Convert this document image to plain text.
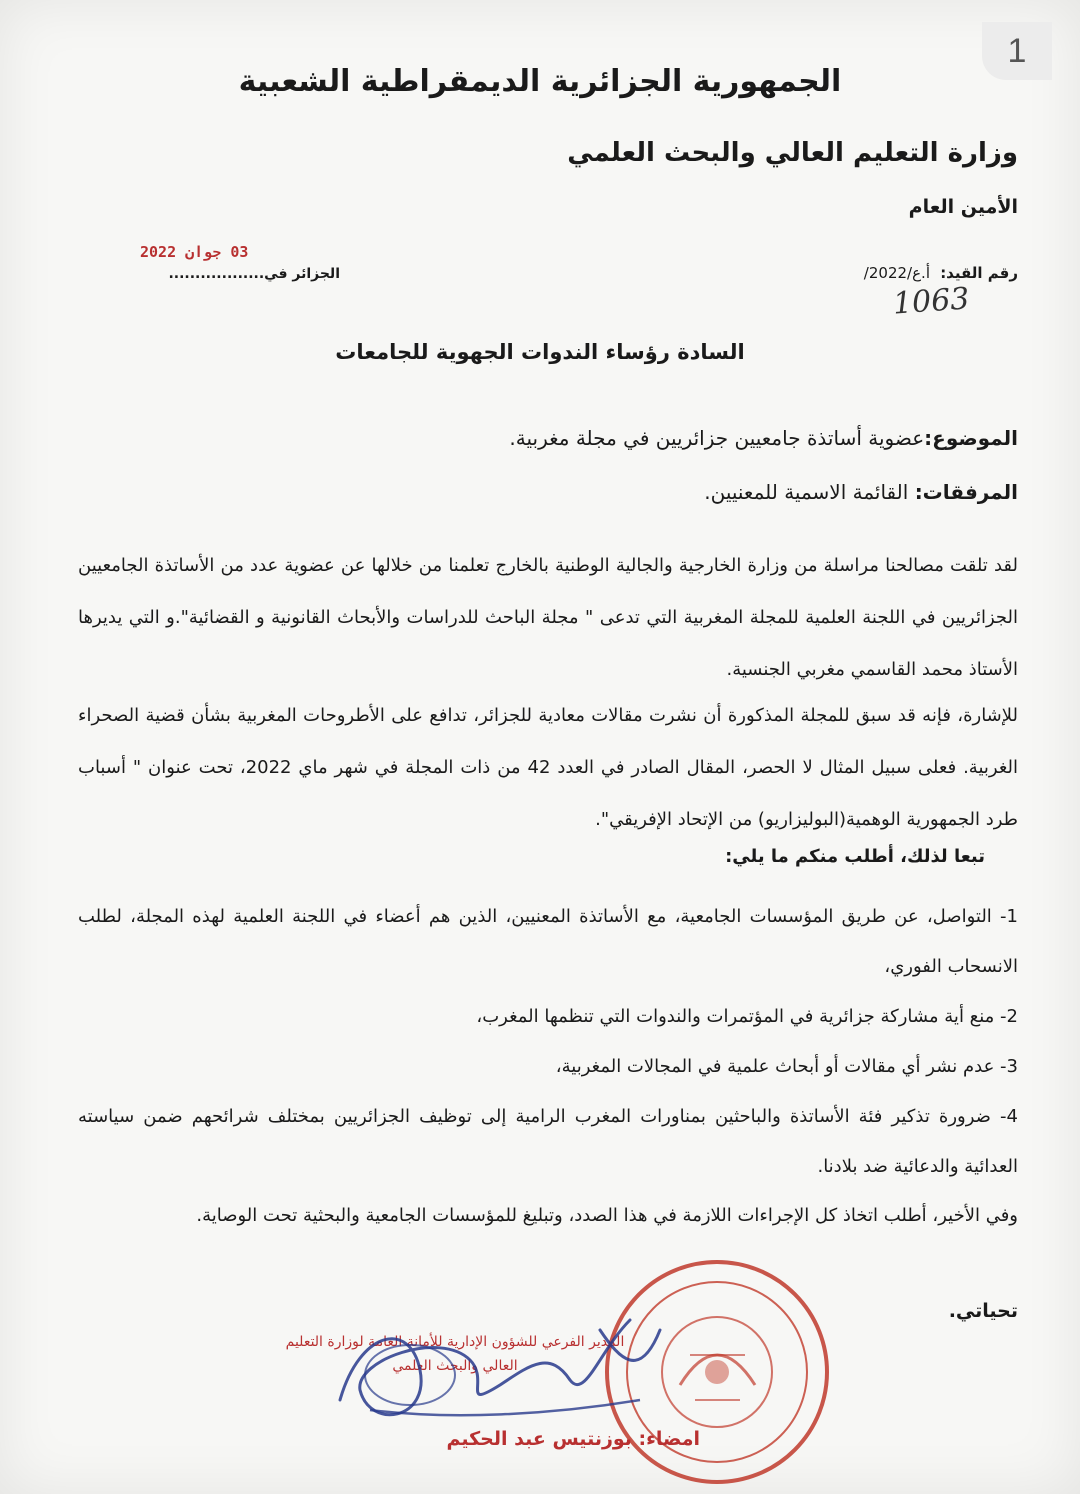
1
الجمهورية الجزائرية الديمقراطية الشعبية
وزارة التعليم العالي والبحث العلمي
الأمين العام
رقم القيد:
/أ.ع/2022
1063
الجزائر في..................
03 جوان 2022
السادة رؤساء الندوات الجهوية للجامعات
الموضوع:عضوية أساتذة جامعيين جزائريين في مجلة مغربية.
المرفقات: القائمة الاسمية للمعنيين.
لقد تلقت مصالحنا مراسلة من وزارة الخارجية والجالية الوطنية بالخارج تعلمنا من خلالها عن عضوية عدد من الأساتذة الجامعيين الجزائريين في اللجنة العلمية للمجلة المغربية التي تدعى " مجلة الباحث للدراسات والأبحاث القانونية و القضائية".و التي يديرها الأستاذ محمد القاسمي مغربي الجنسية.
للإشارة، فإنه قد سبق للمجلة المذكورة أن نشرت مقالات معادية للجزائر، تدافع على الأطروحات المغربية بشأن قضية الصحراء الغربية. فعلى سبيل المثال لا الحصر، المقال الصادر في العدد 42 من ذات المجلة في شهر ماي 2022، تحت عنوان " أسباب طرد الجمهورية الوهمية(البوليزاريو) من الإتحاد الإفريقي".
تبعا لذلك، أطلب منكم ما يلي:
1- التواصل، عن طريق المؤسسات الجامعية، مع الأساتذة المعنيين، الذين هم أعضاء في اللجنة العلمية لهذه المجلة، لطلب الانسحاب الفوري،
2- منع أية مشاركة جزائرية في المؤتمرات والندوات التي تنظمها المغرب،
3- عدم نشر أي مقالات أو أبحاث علمية في المجالات المغربية،
4- ضرورة تذكير فئة الأساتذة والباحثين بمناورات المغرب الرامية إلى توظيف الجزائريين بمختلف شرائحهم ضمن سياسته العدائية والدعائية ضد بلادنا.
وفي الأخير، أطلب اتخاذ كل الإجراءات اللازمة في هذا الصدد، وتبليغ للمؤسسات الجامعية والبحثية تحت الوصاية.
تحياتي.
المدير الفرعي للشؤون الإدارية للأمانة العامة لوزارة التعليم العالي والبحث العلمي
امضاء: بوزنتيس عبد الحكيم
